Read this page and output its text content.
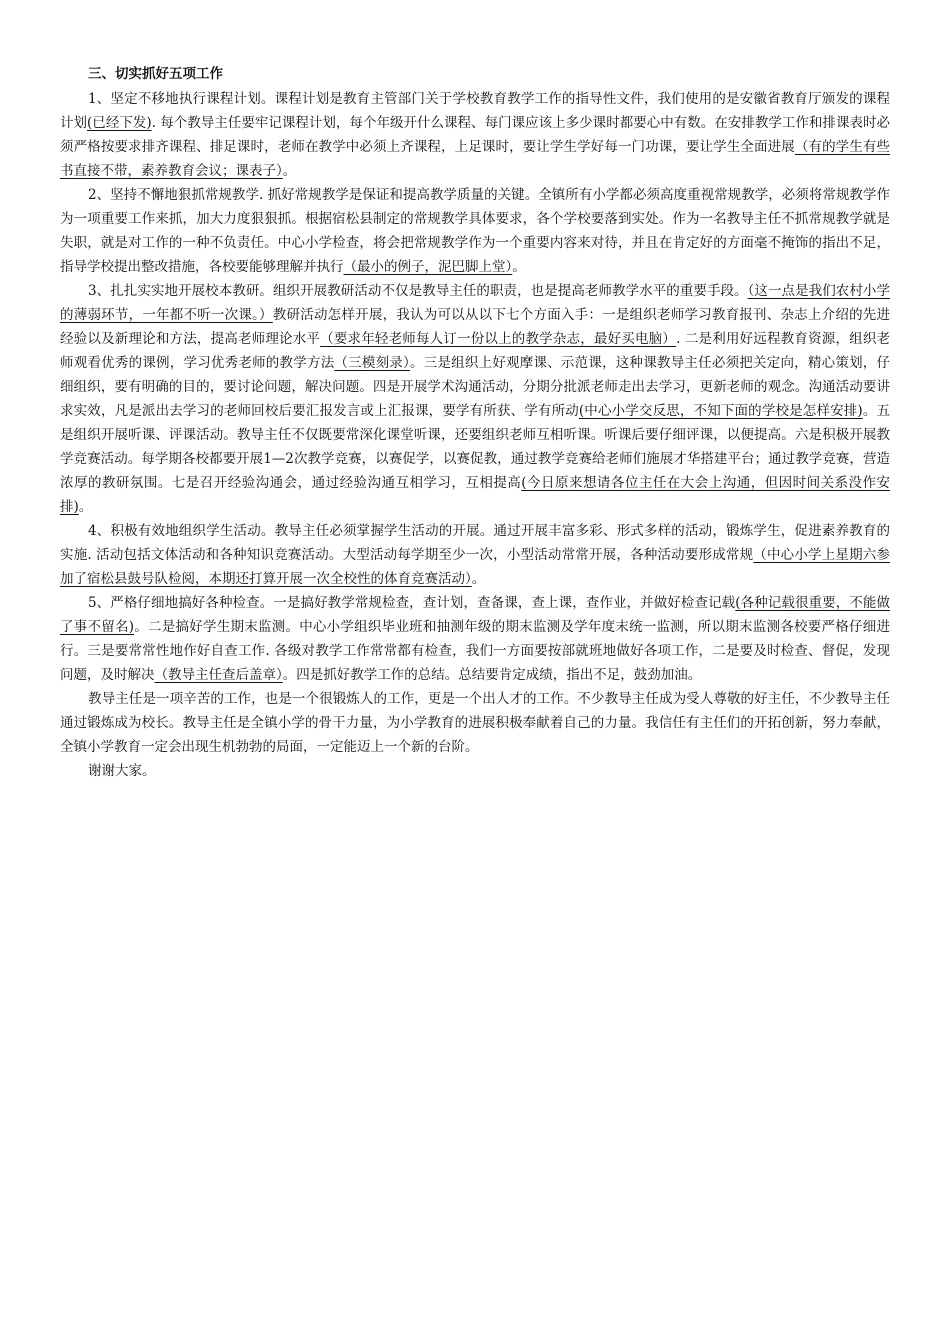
三、切实抓好五项工作

1、坚定不移地执行课程计划。课程计划是教育主管部门关于学校教育教学工作的指导性文件，我们使用的是安徽省教育厅颁发的课程计划(已经下发). 每个教导主任要牢记课程计划，每个年级开什么课程、每门课应该上多少课时都要心中有数。在安排教学工作和排课表时必须严格按要求排齐课程、排足课时，老师在教学中必须上齐课程，上足课时，要让学生学好每一门功课，要让学生全面进展（有的学生有些书直接不带，素养教育会议；课表子）。

2、坚持不懈地狠抓常规教学. 抓好常规教学是保证和提高教学质量的关键。全镇所有小学都必须高度重视常规教学，必须将常规教学作为一项重要工作来抓，加大力度狠狠抓。根据宿松县制定的常规教学具体要求，各个学校要落到实处。作为一名教导主任不抓常规教学就是失职，就是对工作的一种不负责任。中心小学检查，将会把常规教学作为一个重要内容来对待，并且在肯定好的方面毫不掩饰的指出不足，指导学校提出整改措施，各校要能够理解并执行（最小的例子，泥巴脚上堂）。

3、扎扎实实地开展校本教研。组织开展教研活动不仅是教导主任的职责，也是提高老师教学水平的重要手段。（这一点是我们农村小学的薄弱环节，一年都不听一次课。）教研活动怎样开展，我认为可以从以下七个方面入手：一是组织老师学习教育报刊、杂志上介绍的先进经验以及新理论和方法，提高老师理论水平（要求年轻老师每人订一份以上的教学杂志，最好买电脑）. 二是利用好远程教育资源，组织老师观看优秀的课例，学习优秀老师的教学方法（三模刻录）。三是组织上好观摩课、示范课，这种课教导主任必须把关定向，精心策划，仔细组织，要有明确的目的，要讨论问题，解决问题。四是开展学术沟通活动，分期分批派老师走出去学习，更新老师的观念。沟通活动要讲求实效，凡是派出去学习的老师回校后要汇报发言或上汇报课，要学有所获、学有所动(中心小学交反思，不知下面的学校是怎样安排)。五是组织开展听课、评课活动。教导主任不仅既要常深化课堂听课，还要组织老师互相听课。听课后要仔细评课，以便提高。六是积极开展教学竞赛活动。每学期各校都要开展1—2次教学竞赛，以赛促学，以赛促教，通过教学竞赛给老师们施展才华搭建平台；通过教学竞赛，营造浓厚的教研氛围。七是召开经验沟通会，通过经验沟通互相学习，互相提高(今日原来想请各位主任在大会上沟通，但因时间关系没作安排)。

4、积极有效地组织学生活动。教导主任必须掌握学生活动的开展。通过开展丰富多彩、形式多样的活动，锻炼学生，促进素养教育的实施. 活动包括文体活动和各种知识竞赛活动。大型活动每学期至少一次，小型活动常常开展，各种活动要形成常规（中心小学上星期六参加了宿松县鼓号队检阅，本期还打算开展一次全校性的体育竞赛活动）。

5、严格仔细地搞好各种检查。一是搞好教学常规检查，查计划，查备课，查上课，查作业，并做好检查记载(各种记载很重要，不能做了事不留名)。二是搞好学生期末监测。中心小学组织毕业班和抽测年级的期末监测及学年度末统一监测，所以期末监测各校要严格仔细进行。三是要常常性地作好自查工作. 各级对教学工作常常都有检查，我们一方面要按部就班地做好各项工作，二是要及时检查、督促，发现问题，及时解决（教导主任查后盖章）。四是抓好教学工作的总结。总结要肯定成绩，指出不足，鼓劲加油。

教导主任是一项辛苦的工作，也是一个很锻炼人的工作，更是一个出人才的工作。不少教导主任成为受人尊敬的好主任，不少教导主任通过锻炼成为校长。教导主任是全镇小学的骨干力量，为小学教育的进展积极奉献着自己的力量。我信任有主任们的开拓创新，努力奉献，全镇小学教育一定会出现生机勃勃的局面，一定能迈上一个新的台阶。

谢谢大家。
